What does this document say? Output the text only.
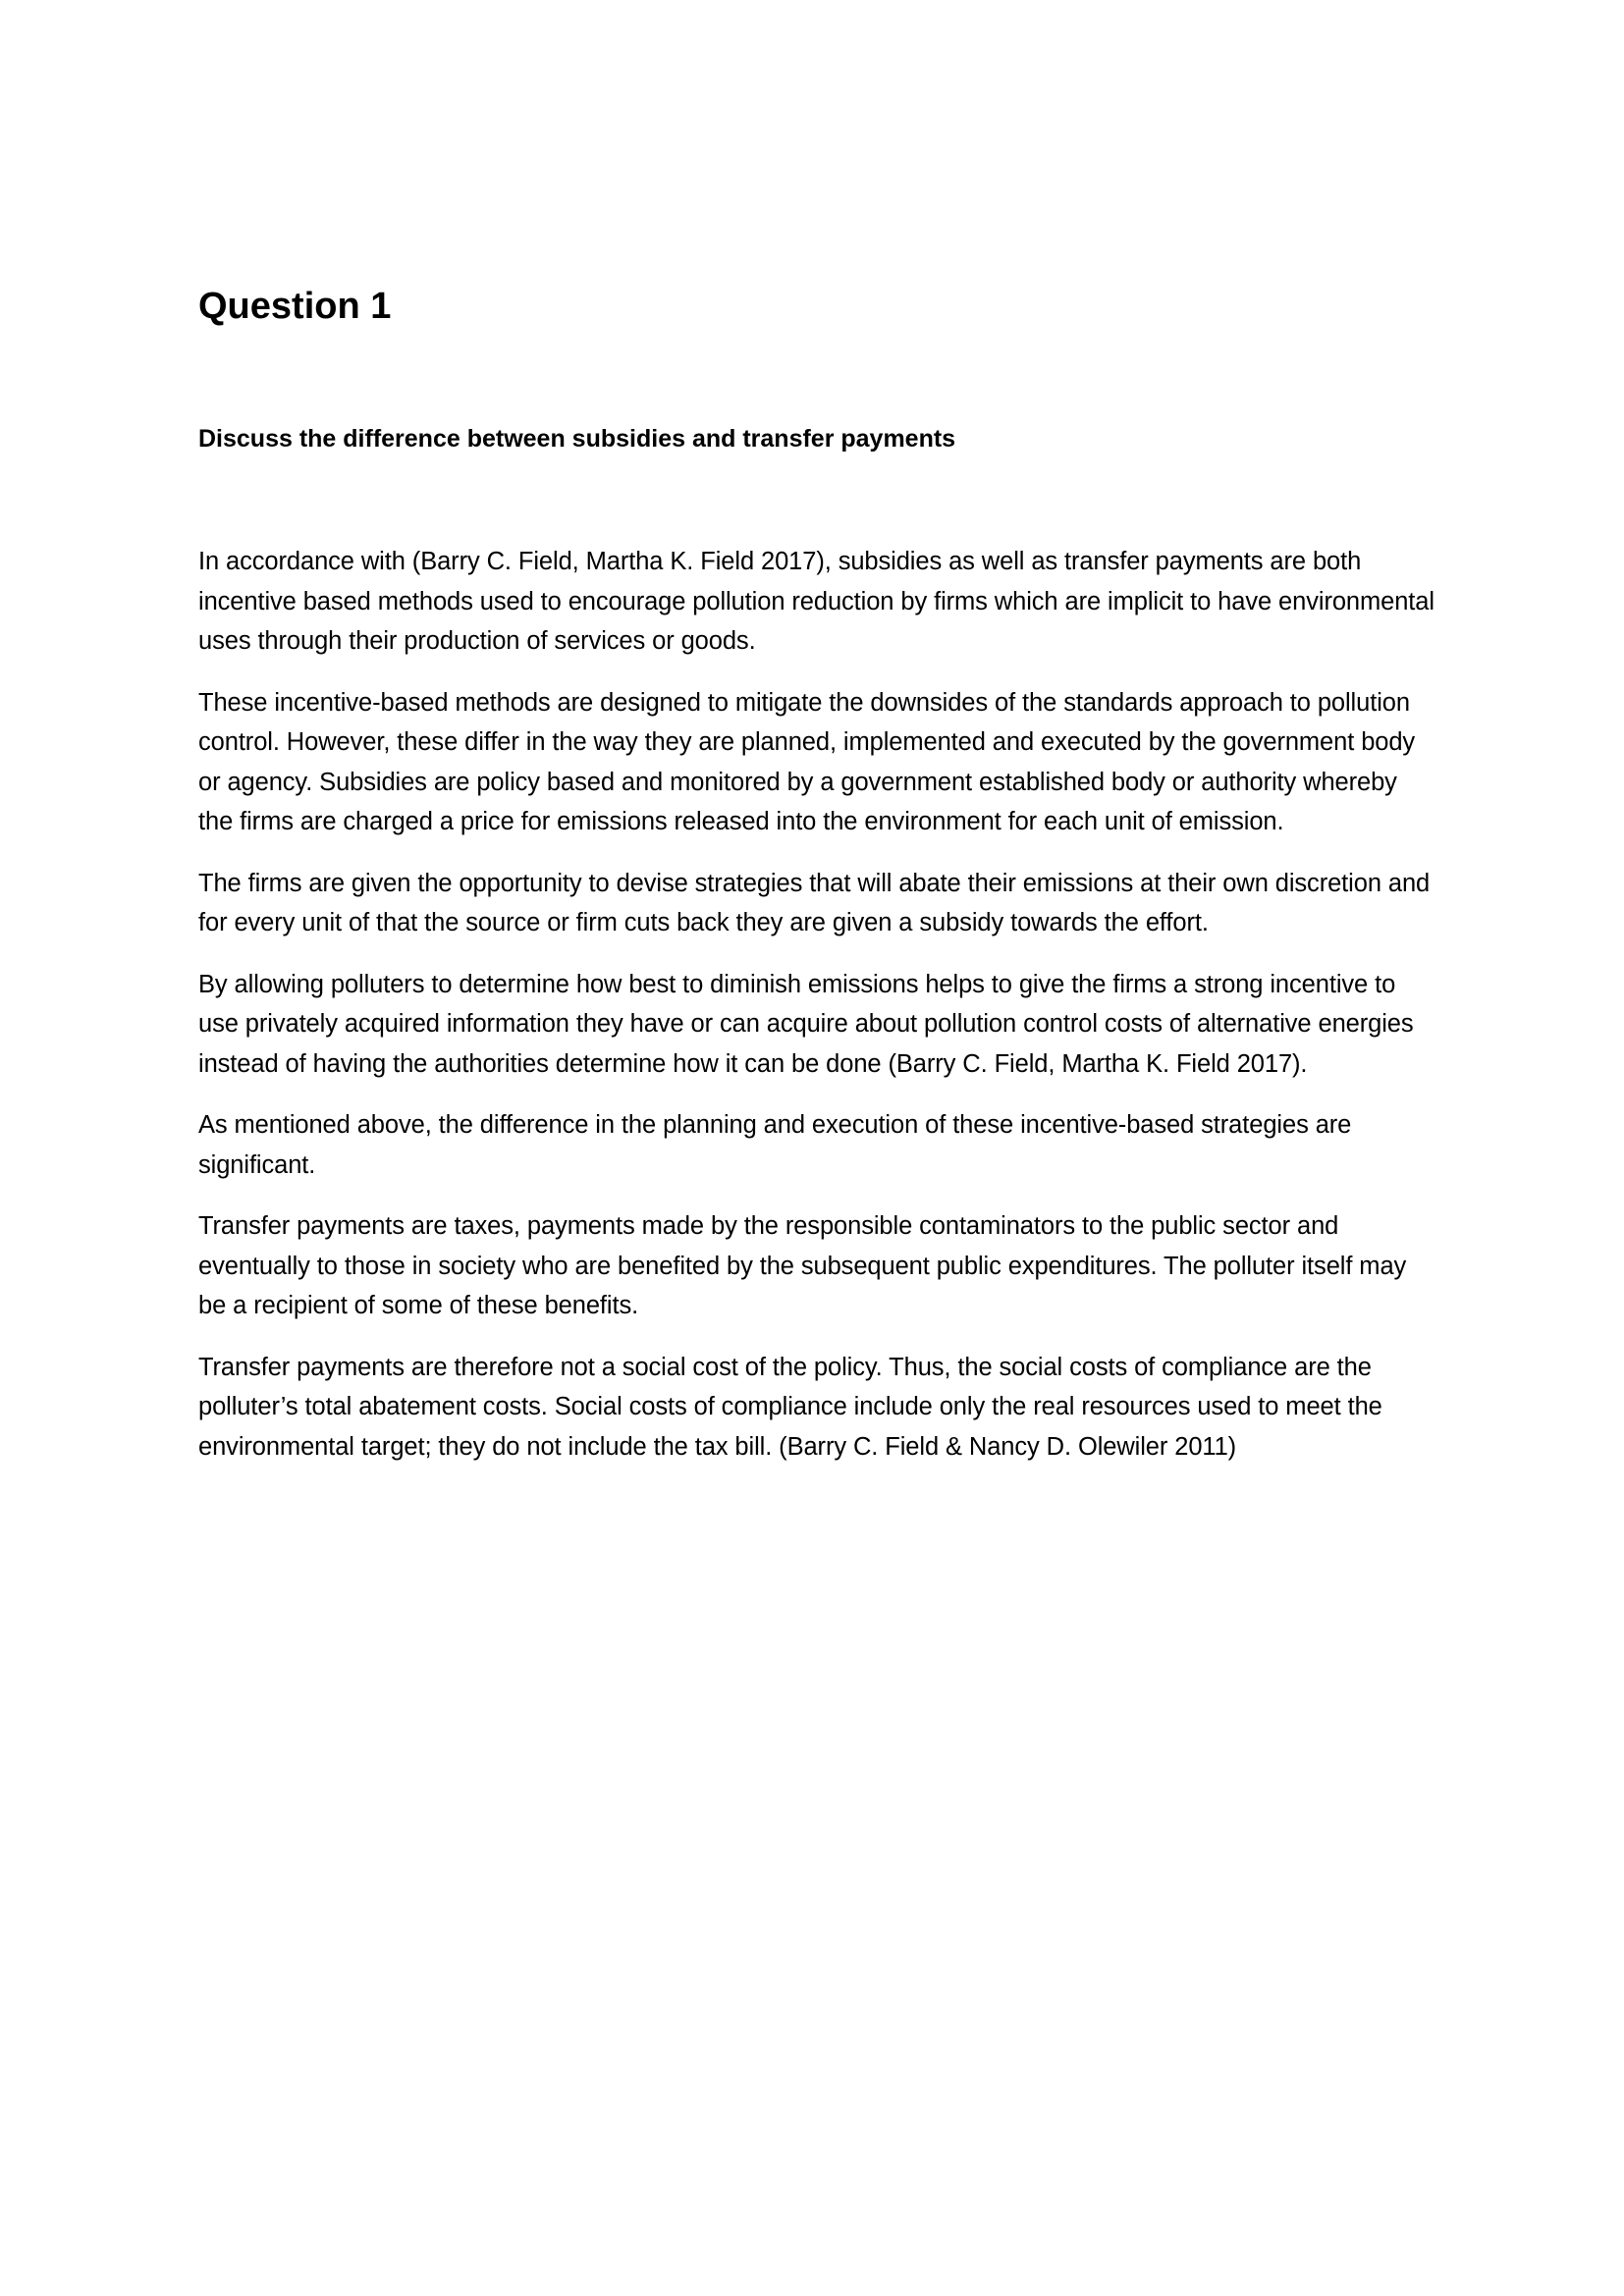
Question 1
Discuss the difference between subsidies and transfer payments

In accordance with (Barry C. Field, Martha K. Field 2017), subsidies as well as transfer payments are both incentive based methods used to encourage pollution reduction by firms which are implicit to have environmental uses through their production of services or goods.

These incentive-based methods are designed to mitigate the downsides of the standards approach to pollution control. However, these differ in the way they are planned, implemented and executed by the government body or agency. Subsidies are policy based and monitored by a government established body or authority whereby the firms are charged a price for emissions released into the environment for each unit of emission.

The firms are given the opportunity to devise strategies that will abate their emissions at their own discretion and for every unit of that the source or firm cuts back they are given a subsidy towards the effort.

By allowing polluters to determine how best to diminish emissions helps to give the firms a strong incentive to use privately acquired information they have or can acquire about pollution control costs of alternative energies instead of having the authorities determine how it can be done (Barry C. Field, Martha K. Field 2017).

As mentioned above, the difference in the planning and execution of these incentive-based strategies are significant.

Transfer payments are taxes, payments made by the responsible contaminators to the public sector and eventually to those in society who are benefited by the subsequent public expenditures. The polluter itself may be a recipient of some of these benefits.

Transfer payments are therefore not a social cost of the policy. Thus, the social costs of compliance are the polluter’s total abatement costs. Social costs of compliance include only the real resources used to meet the environmental target; they do not include the tax bill. (Barry C. Field & Nancy D. Olewiler 2011)
